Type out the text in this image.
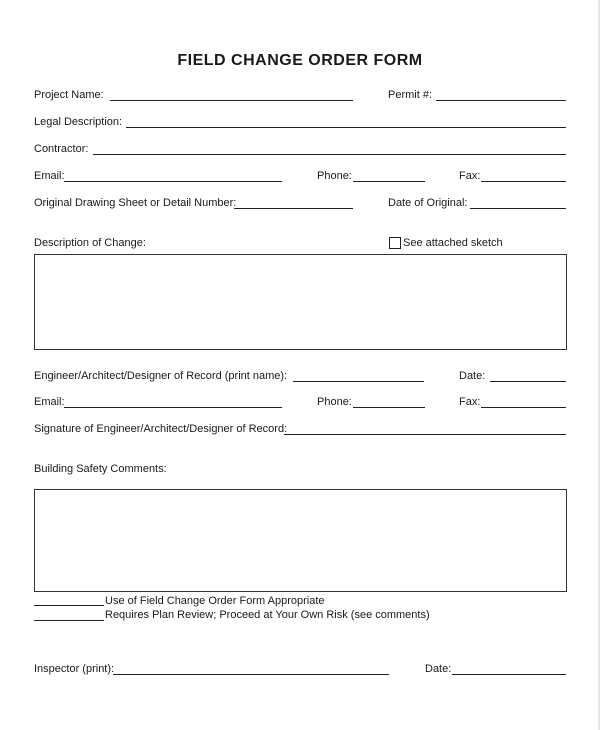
FIELD CHANGE ORDER FORM
Project Name:	Permit #:
Legal Description:
Contractor:
Email:	Phone:	Fax:
Original Drawing Sheet or Detail Number:	Date of Original:
Description of Change:	See attached sketch
Engineer/Architect/Designer of Record (print name):	Date:
Email:	Phone:	Fax:
Signature of Engineer/Architect/Designer of Record:
Building Safety Comments:
Use of Field Change Order Form Appropriate
Requires Plan Review; Proceed at Your Own Risk (see comments)
Inspector (print):	Date:
